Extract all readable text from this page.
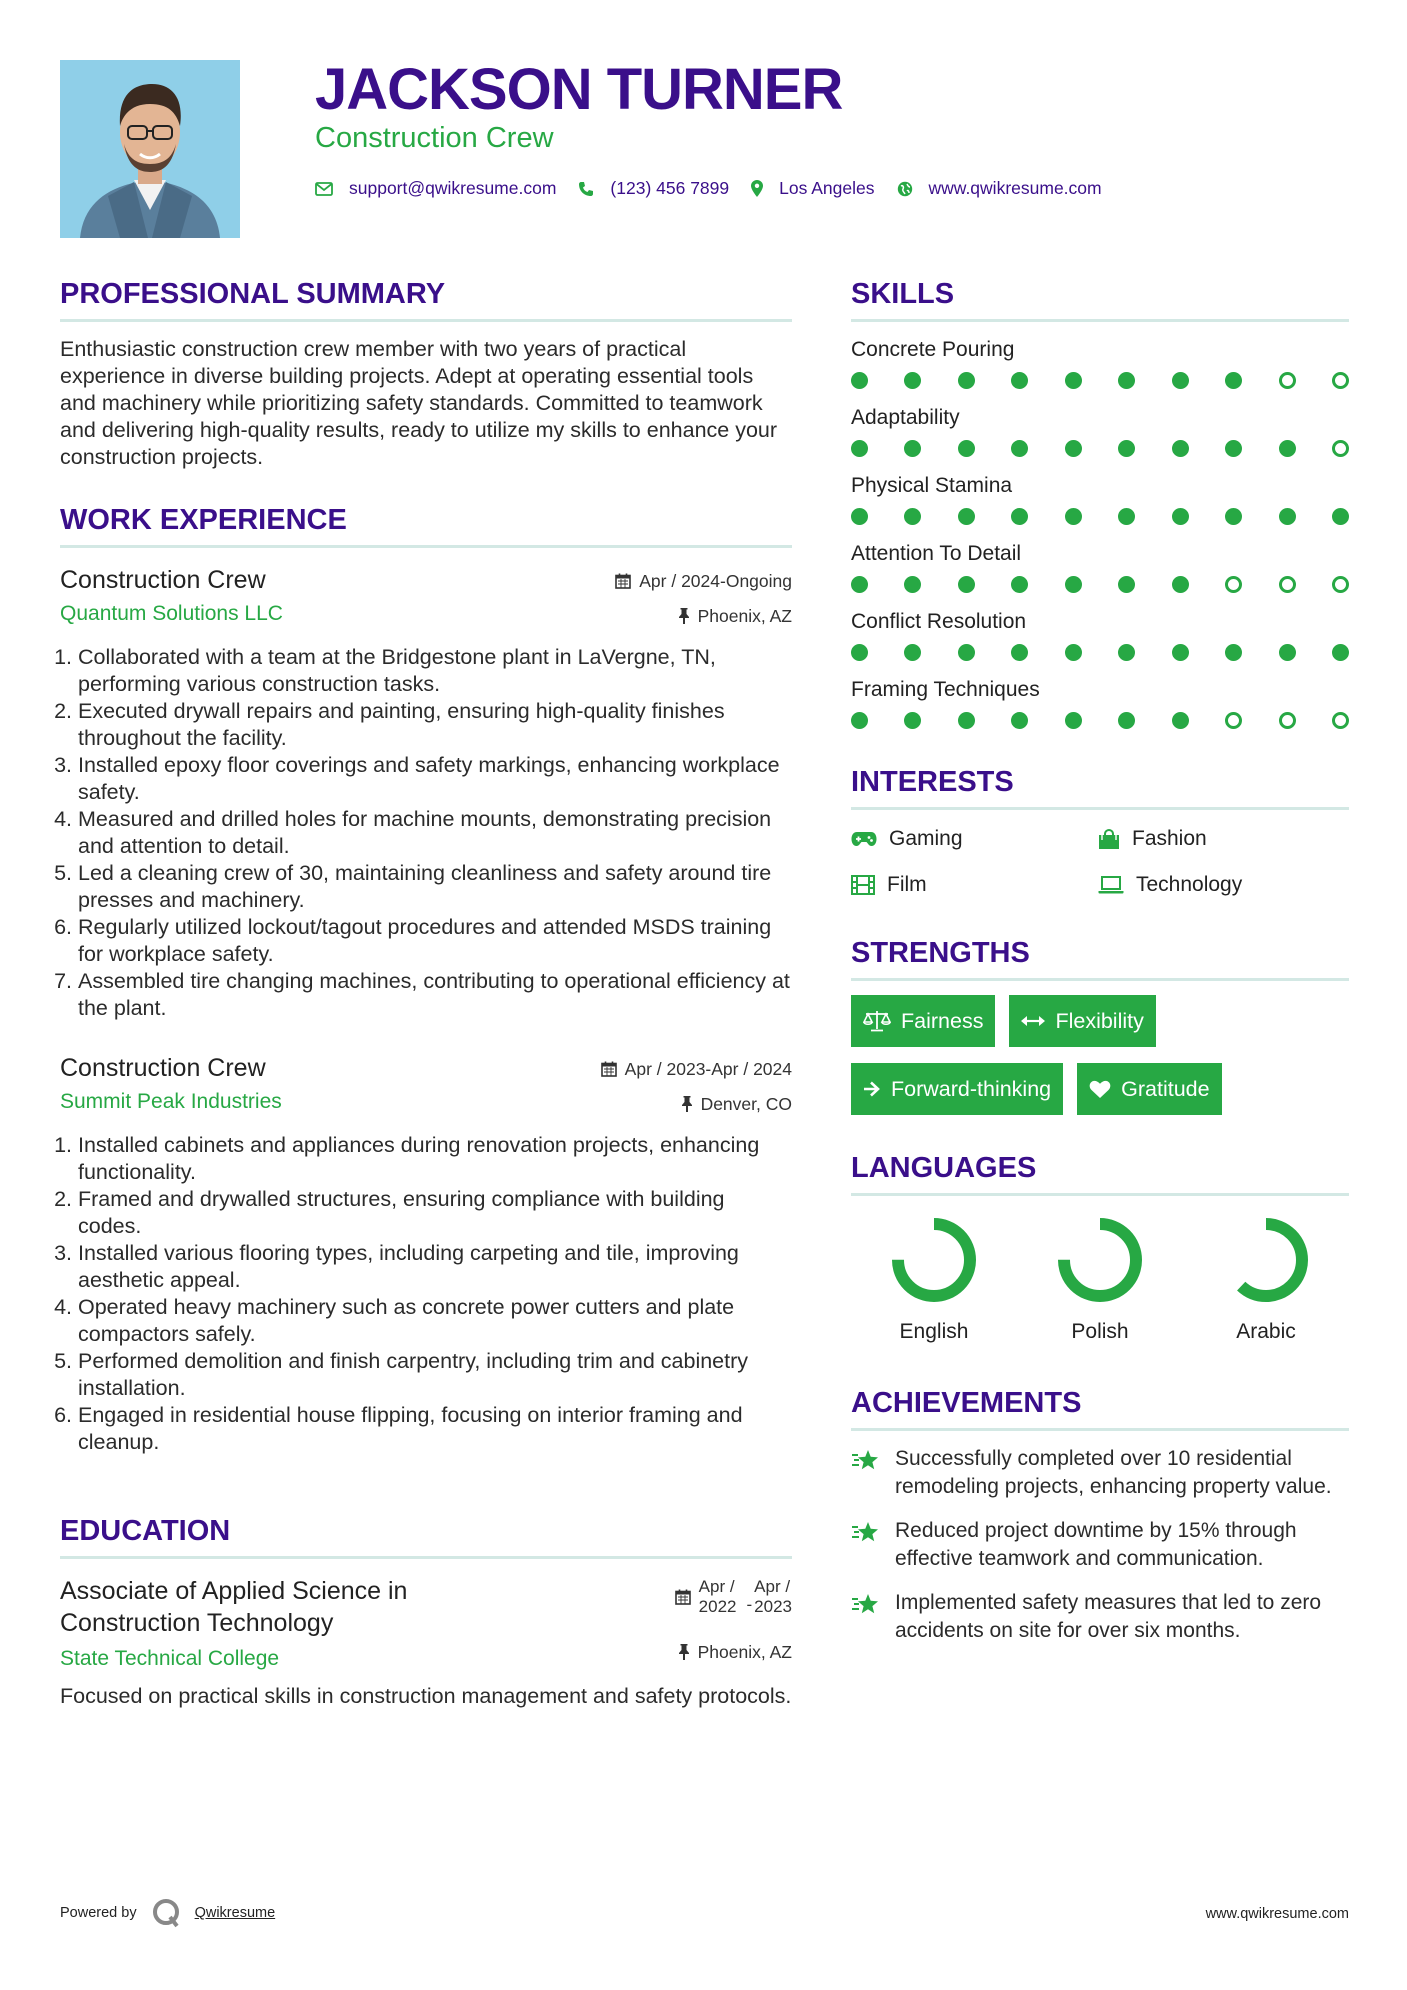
JACKSON TURNER
Construction Crew
support@qwikresume.com	(123) 456 7899	Los Angeles	www.qwikresume.com
PROFESSIONAL SUMMARY

Enthusiastic construction crew member with two years of practical experience in diverse building projects. Adept at operating essential tools and machinery while prioritizing safety standards. Committed to teamwork and delivering high-quality results, ready to utilize my skills to enhance your construction projects.

WORK EXPERIENCE
Construction Crew
Quantum Solutions LLC
Apr / 2024-Ongoing
Phoenix, AZ
1. Collaborated with a team at the Bridgestone plant in LaVergne, TN, performing various construction tasks.
2. Executed drywall repairs and painting, ensuring high-quality finishes throughout the facility.
3. Installed epoxy floor coverings and safety markings, enhancing workplace safety.
4. Measured and drilled holes for machine mounts, demonstrating precision and attention to detail.
5. Led a cleaning crew of 30, maintaining cleanliness and safety around tire presses and machinery.
6. Regularly utilized lockout/tagout procedures and attended MSDS training for workplace safety.
7. Assembled tire changing machines, contributing to operational efficiency at the plant.
Construction Crew
Summit Peak Industries
Apr / 2023-Apr / 2024
Denver, CO
1. Installed cabinets and appliances during renovation projects, enhancing functionality.
2. Framed and drywalled structures, ensuring compliance with building codes.
3. Installed various flooring types, including carpeting and tile, improving aesthetic appeal.
4. Operated heavy machinery such as concrete power cutters and plate compactors safely.
5. Performed demolition and finish carpentry, including trim and cabinetry installation.
6. Engaged in residential house flipping, focusing on interior framing and cleanup.
EDUCATION
Associate of Applied Science in
Construction Technology
State Technical College
Apr /
2022 -
Apr /
2023
Phoenix, AZ

Focused on practical skills in construction management and safety protocols.

SKILLS
Concrete Pouring
Adaptability
Physical Stamina
Attention To Detail
Conflict Resolution
Framing Techniques
INTERESTS
Gaming	Fashion
Film	Technology
STRENGTHS
Fairness	Flexibility
Forward-thinking	Gratitude
LANGUAGES
English	Polish	Arabic
ACHIEVEMENTS
Successfully completed over 10 residential remodeling projects, enhancing property value.
Reduced project downtime by 15% through effective teamwork and communication.
Implemented safety measures that led to zero accidents on site for over six months.
Powered by	Qwikresume	www.qwikresume.com
